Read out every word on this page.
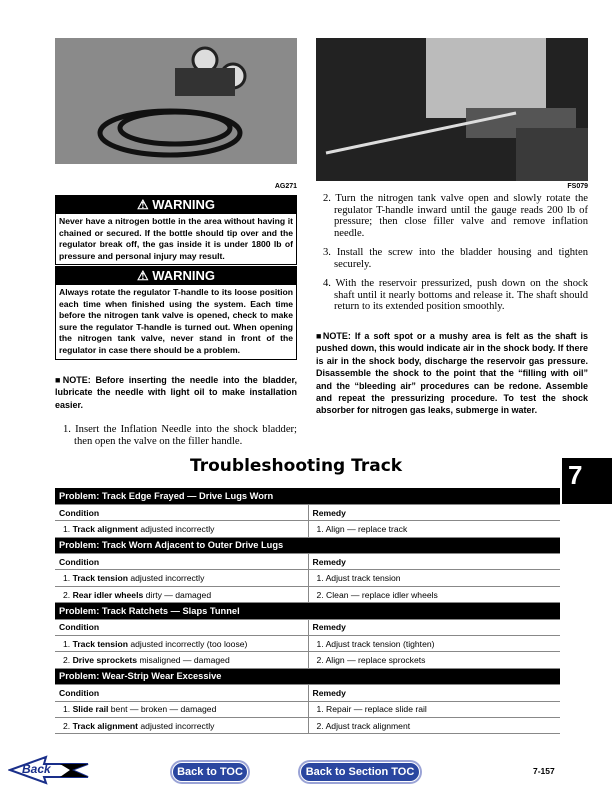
AG271	FS079
⚠ WARNING
Never have a nitrogen bottle in the area without having it chained or secured. If the bottle should tip over and the regulator break off, the gas inside it is under 1800 lb of pressure and personal injury may result.
⚠ WARNING
Always rotate the regulator T-handle to its loose position each time when finished using the system. Each time before the nitrogen tank valve is opened, check to make sure the regulator T-handle is turned out. When opening the nitrogen tank valve, never stand in front of the regulator in case there should be a problem.
■NOTE: Before inserting the needle into the bladder, lubricate the needle with light oil to make installation easier.
1. Insert the Inflation Needle into the shock bladder; then open the valve on the filler handle.
2. Turn the nitrogen tank valve open and slowly rotate the regulator T-handle inward until the gauge reads 200 lb of pressure; then close filler valve and remove inflation needle.
3. Install the screw into the bladder housing and tighten securely.
4. With the reservoir pressurized, push down on the shock shaft until it nearly bottoms and release it. The shaft should return to its extended position smoothly.
■NOTE: If a soft spot or a mushy area is felt as the shaft is pushed down, this would indicate air in the shock body. If there is air in the shock body, discharge the reservoir gas pressure. Disassemble the shock to the point that the “filling with oil” and the “bleeding air” procedures can be redone. Assemble and repeat the pressurizing procedure. To test the shock absorber for nitrogen gas leaks, submerge in water.
Troubleshooting Track	7
Problem: Track Edge Frayed — Drive Lugs Worn	
Condition	Remedy
1. Track alignment adjusted incorrectly	1. Align — replace track
Problem: Track Worn Adjacent to Outer Drive Lugs	
Condition	Remedy
1. Track tension adjusted incorrectly	1. Adjust track tension
2. Rear idler wheels dirty — damaged	2. Clean — replace idler wheels
Problem: Track Ratchets — Slaps Tunnel	
Condition	Remedy
1. Track tension adjusted incorrectly (too loose)	1. Adjust track tension (tighten)
2. Drive sprockets misaligned — damaged	2. Align — replace sprockets
Problem: Wear-Strip Wear Excessive	
Condition	Remedy
1. Slide rail bent — broken — damaged	1. Repair — replace slide rail
2. Track alignment adjusted incorrectly	2. Adjust track alignment
Back	Back to TOC	Back to Section TOC	7-157
